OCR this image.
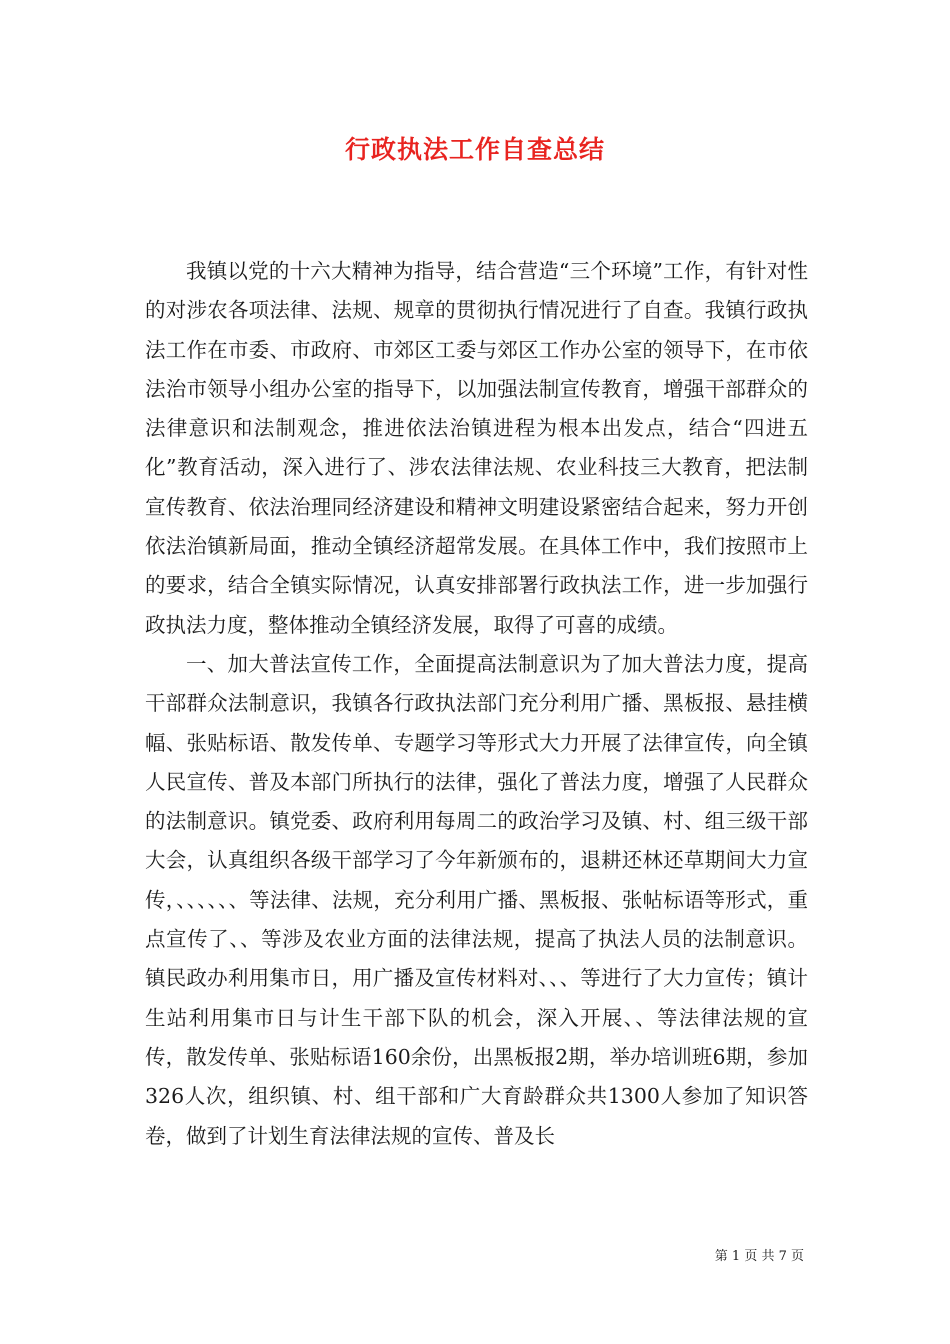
行政执法工作自查总结

我镇以党的十六大精神为指导，结合营造“三个环境”工作，有针对性的对涉农各项法律、法规、规章的贯彻执行情况进行了自查。我镇行政执法工作在市委、市政府、市郊区工委与郊区工作办公室的领导下，在市依法治市领导小组办公室的指导下，以加强法制宣传教育，增强干部群众的法律意识和法制观念，推进依法治镇进程为根本出发点，结合“四进五化”教育活动，深入进行了、涉农法律法规、农业科技三大教育，把法制宣传教育、依法治理同经济建设和精神文明建设紧密结合起来，努力开创依法治镇新局面，推动全镇经济超常发展。在具体工作中，我们按照市上的要求，结合全镇实际情况，认真安排部署行政执法工作，进一步加强行政执法力度，整体推动全镇经济发展，取得了可喜的成绩。

一、加大普法宣传工作，全面提高法制意识为了加大普法力度，提高干部群众法制意识，我镇各行政执法部门充分利用广播、黑板报、悬挂横幅、张贴标语、散发传单、专题学习等形式大力开展了法律宣传，向全镇人民宣传、普及本部门所执行的法律，强化了普法力度，增强了人民群众的法制意识。镇党委、政府利用每周二的政治学习及镇、村、组三级干部大会，认真组织各级干部学习了今年新颁布的，退耕还林还草期间大力宣传，、、、、、、等法律、法规，充分利用广播、黑板报、张帖标语等形式，重点宣传了、、等涉及农业方面的法律法规，提高了执法人员的法制意识。镇民政办利用集市日，用广播及宣传材料对、、、等进行了大力宣传；镇计生站利用集市日与计生干部下队的机会，深入开展、、等法律法规的宣传，散发传单、张贴标语160余份，出黑板报2期，举办培训班6期，参加326人次，组织镇、村、组干部和广大育龄群众共1300人参加了知识答卷，做到了计划生育法律法规的宣传、普及长

第 1 页 共 7 页
